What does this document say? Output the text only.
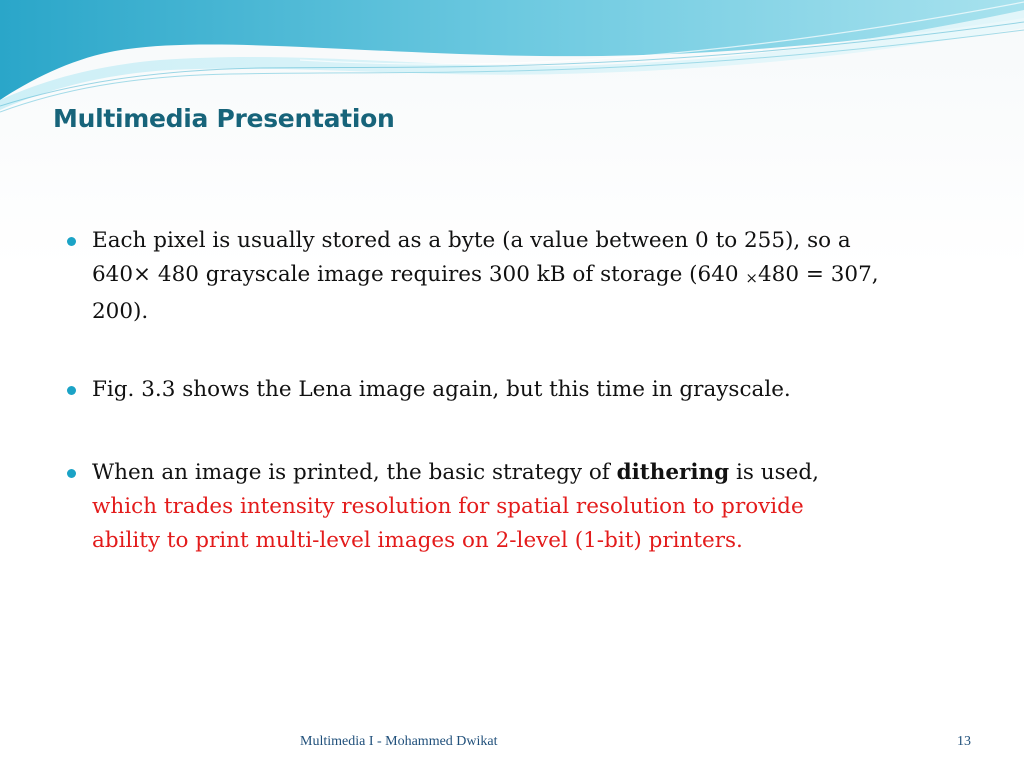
Multimedia Presentation
Each pixel is usually stored as a byte (a value between 0 to 255), so a
640× 480 grayscale image requires 300 kB of storage (640 ×480 = 307,
200).
Fig. 3.3 shows the Lena image again, but this time in grayscale.
When an image is printed, the basic strategy of dithering is used,
which trades intensity resolution for spatial resolution to provide
ability to print multi-level images on 2-level (1-bit) printers.
Multimedia I - Mohammed Dwikat	13
